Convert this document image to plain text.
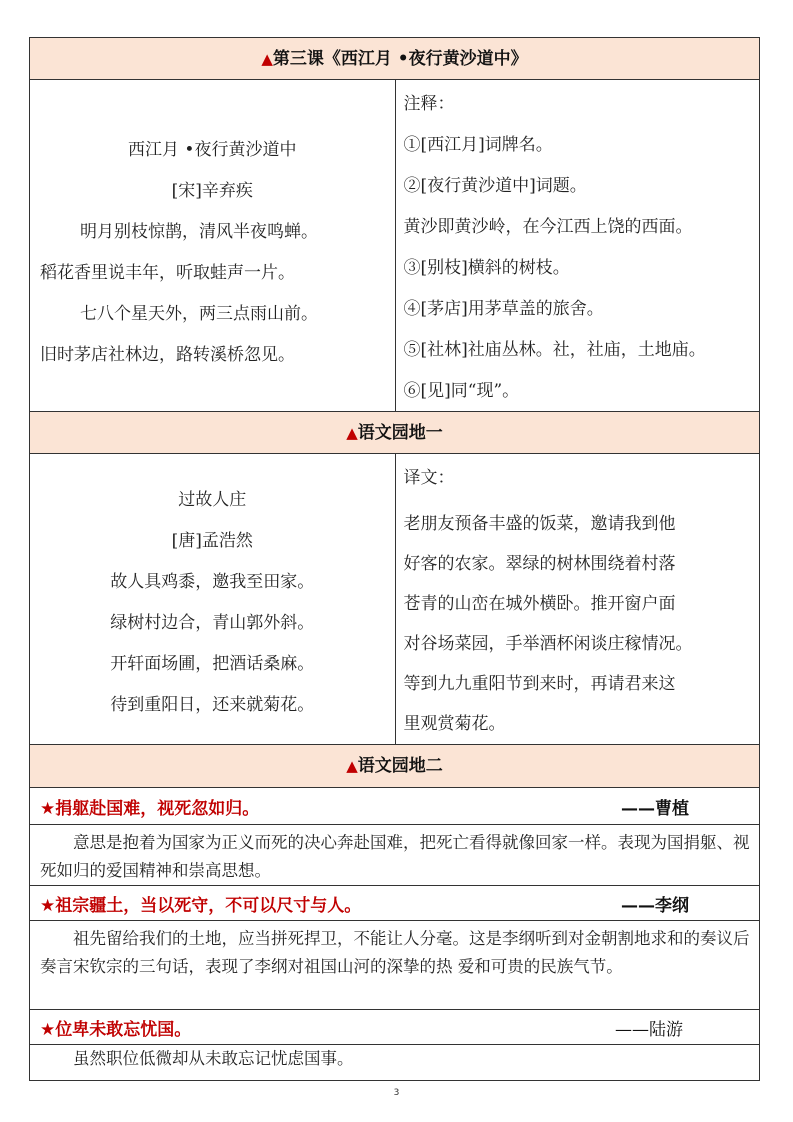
▲第三课《西江月 •夜行黄沙道中》
西江月 •夜行黄沙道中
[宋]辛弃疾
明月别枝惊鹊，清风半夜鸣蝉。
稻花香里说丰年，听取蛙声一片。
七八个星天外，两三点雨山前。
旧时茅店社林边，路转溪桥忽见。
注释：
①[西江月]词牌名。
②[夜行黄沙道中]词题。
黄沙即黄沙岭，在今江西上饶的西面。
③[别枝]横斜的树枝。
④[茅店]用茅草盖的旅舍。
⑤[社林]社庙丛林。社，社庙，土地庙。
⑥[见]同“现”。
▲语文园地一
过故人庄
[唐]孟浩然
故人具鸡黍，邀我至田家。
绿树村边合，青山郭外斜。
开轩面场圃，把酒话桑麻。
待到重阳日，还来就菊花。
译文：
老朋友预备丰盛的饭菜，邀请我到他
好客的农家。翠绿的树林围绕着村落
苍青的山峦在城外横卧。推开窗户面
对谷场菜园，手举酒杯闲谈庄稼情况。
等到九九重阳节到来时，再请君来这
里观赏菊花。
▲语文园地二
★捐躯赴国难，视死忽如归。	——曹植
意思是抱着为国家为正义而死的决心奔赴国难，把死亡看得就像回家一样。表现为国捐躯、视死如归的爱国精神和崇高思想。
★祖宗疆土，当以死守，不可以尺寸与人。	——李纲
祖先留给我们的土地，应当拼死捍卫，不能让人分毫。这是李纲听到对金朝割地求和的奏议后奏言宋钦宗的三句话，表现了李纲对祖国山河的深挚的热 爱和可贵的民族气节。
★位卑未敢忘忧国。	——陆游
虽然职位低微却从未敢忘记忧虑国事。
3
